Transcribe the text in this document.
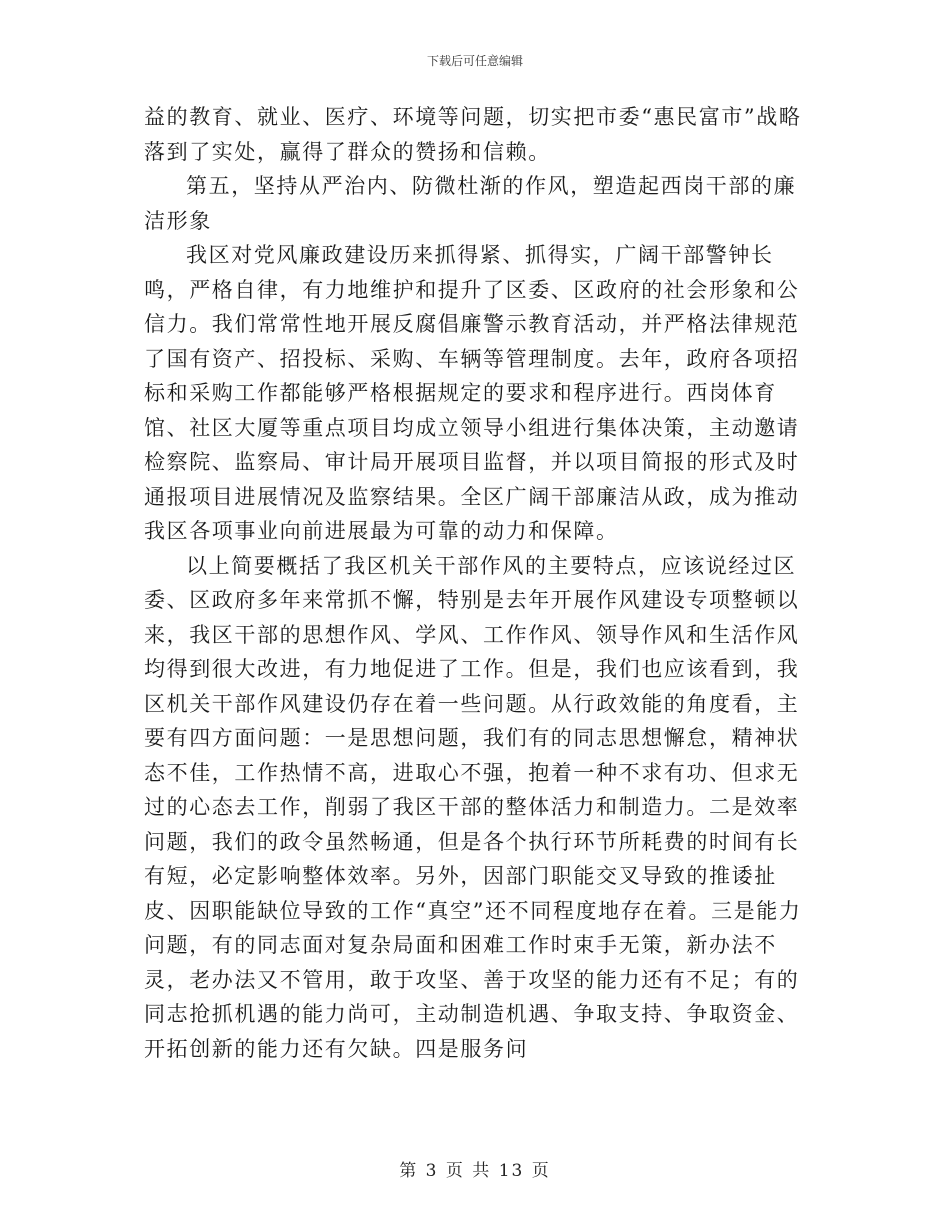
下载后可任意编辑

益的教育、就业、医疗、环境等问题，切实把市委“惠民富市”战略落到了实处，赢得了群众的赞扬和信赖。

第五，坚持从严治内、防微杜渐的作风，塑造起西岗干部的廉洁形象

我区对党风廉政建设历来抓得紧、抓得实，广阔干部警钟长鸣，严格自律，有力地维护和提升了区委、区政府的社会形象和公信力。我们常常性地开展反腐倡廉警示教育活动，并严格法律规范了国有资产、招投标、采购、车辆等管理制度。去年，政府各项招标和采购工作都能够严格根据规定的要求和程序进行。西岗体育馆、社区大厦等重点项目均成立领导小组进行集体决策，主动邀请检察院、监察局、审计局开展项目监督，并以项目简报的形式及时通报项目进展情况及监察结果。全区广阔干部廉洁从政，成为推动我区各项事业向前进展最为可靠的动力和保障。

以上简要概括了我区机关干部作风的主要特点，应该说经过区委、区政府多年来常抓不懈，特别是去年开展作风建设专项整顿以来，我区干部的思想作风、学风、工作作风、领导作风和生活作风均得到很大改进，有力地促进了工作。但是，我们也应该看到，我区机关干部作风建设仍存在着一些问题。从行政效能的角度看，主要有四方面问题：一是思想问题，我们有的同志思想懈怠，精神状态不佳，工作热情不高，进取心不强，抱着一种不求有功、但求无过的心态去工作，削弱了我区干部的整体活力和制造力。二是效率问题，我们的政令虽然畅通，但是各个执行环节所耗费的时间有长有短，必定影响整体效率。另外，因部门职能交叉导致的推诿扯皮、因职能缺位导致的工作“真空”还不同程度地存在着。三是能力问题，有的同志面对复杂局面和困难工作时束手无策，新办法不灵，老办法又不管用，敢于攻坚、善于攻坚的能力还有不足；有的同志抢抓机遇的能力尚可，主动制造机遇、争取支持、争取资金、开拓创新的能力还有欠缺。四是服务问

第 3 页 共 13 页
